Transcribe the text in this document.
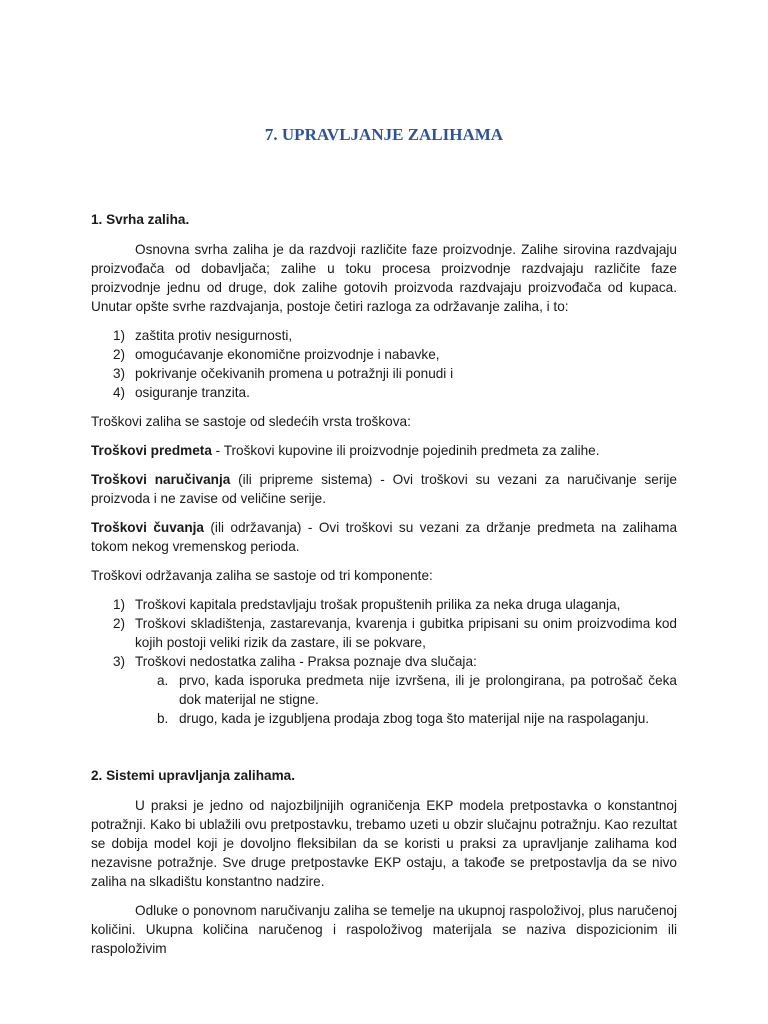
7. UPRAVLJANJE ZALIHAMA
1. Svrha zaliha.

Osnovna svrha zaliha je da razdvoji različite faze proizvodnje. Zalihe sirovina razdvajaju proizvođača od dobavljača; zalihe u toku procesa proizvodnje razdvajaju različite faze proizvodnje jednu od druge, dok zalihe gotovih proizvoda razdvajaju proizvođača od kupaca. Unutar opšte svrhe razdvajanja, postoje četiri razloga za održavanje zaliha, i to:

1) zaštita protiv nesigurnosti,
2) omogućavanje ekonomične proizvodnje i nabavke,
3) pokrivanje očekivanih promena u potražnji ili ponudi i
4) osiguranje tranzita.

Troškovi zaliha se sastoje od sledećih vrsta troškova:

Troškovi predmeta - Troškovi kupovine ili proizvodnje pojedinih predmeta za zalihe.

Troškovi naručivanja (ili pripreme sistema) - Ovi troškovi su vezani za naručivanje serije proizvoda i ne zavise od veličine serije.

Troškovi čuvanja (ili održavanja) - Ovi troškovi su vezani za držanje predmeta na zalihama tokom nekog vremenskog perioda.

Troškovi održavanja zaliha se sastoje od tri komponente:

1) Troškovi kapitala predstavljaju trošak propuštenih prilika za neka druga ulaganja,
2) Troškovi skladištenja, zastarevanja, kvarenja i gubitka pripisani su onim proizvodima kod kojih postoji veliki rizik da zastare, ili se pokvare,
3) Troškovi nedostatka zaliha - Praksa poznaje dva slučaja:
a. prvo, kada isporuka predmeta nije izvršena, ili je prolongirana, pa potrošač čeka dok materijal ne stigne.
b. drugo, kada je izgubljena prodaja zbog toga što materijal nije na raspolaganju.
2. Sistemi upravljanja zalihama.

U praksi je jedno od najozbiljnijih ograničenja EKP modela pretpostavka o konstantnoj potražnji. Kako bi ublažili ovu pretpostavku, trebamo uzeti u obzir slučajnu potražnju. Kao rezultat se dobija model koji je dovoljno fleksibilan da se koristi u praksi za upravljanje zalihama kod nezavisne potražnje. Sve druge pretpostavke EKP ostaju, a takođe se pretpostavlja da se nivo zaliha na slkadištu konstantno nadzire.

Odluke o ponovnom naručivanju zaliha se temelje na ukupnoj raspoloživoj, plus naručenoj količini. Ukupna količina naručenog i raspoloživog materijala se naziva dispozicionim ili raspoloživim
